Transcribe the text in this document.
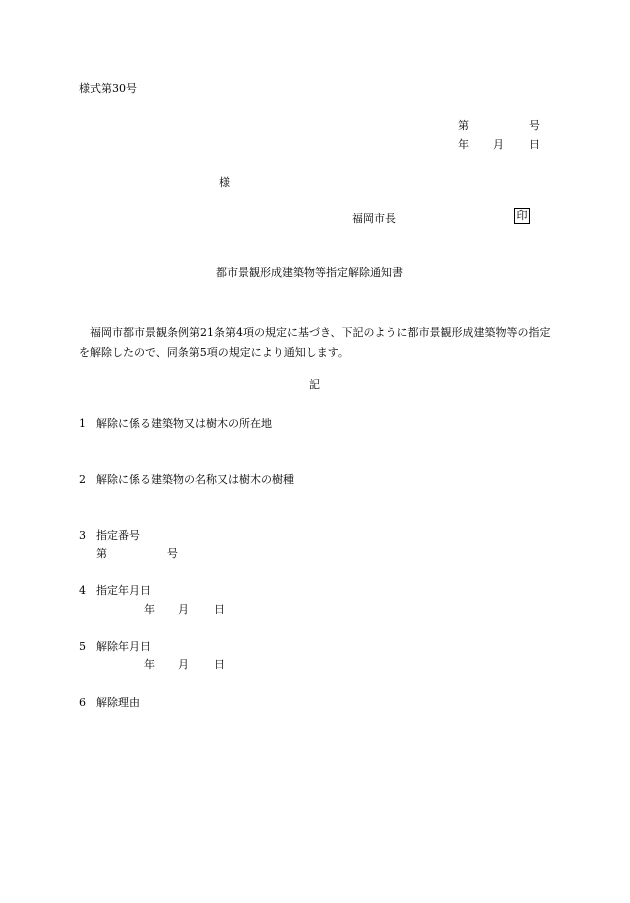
様式第30号
第	号
年 月 日
様
福岡市長	印
都市景観形成建築物等指定解除通知書
福岡市都市景観条例第21条第4項の規定に基づき、下記のように都市景観形成建築物等の指定を解除したので、同条第5項の規定により通知します。
記
1 解除に係る建築物又は樹木の所在地
2 解除に係る建築物の名称又は樹木の樹種
3 指定番号
第	号
4 指定年月日
年 月 日
5 解除年月日
年 月 日
6 解除理由
